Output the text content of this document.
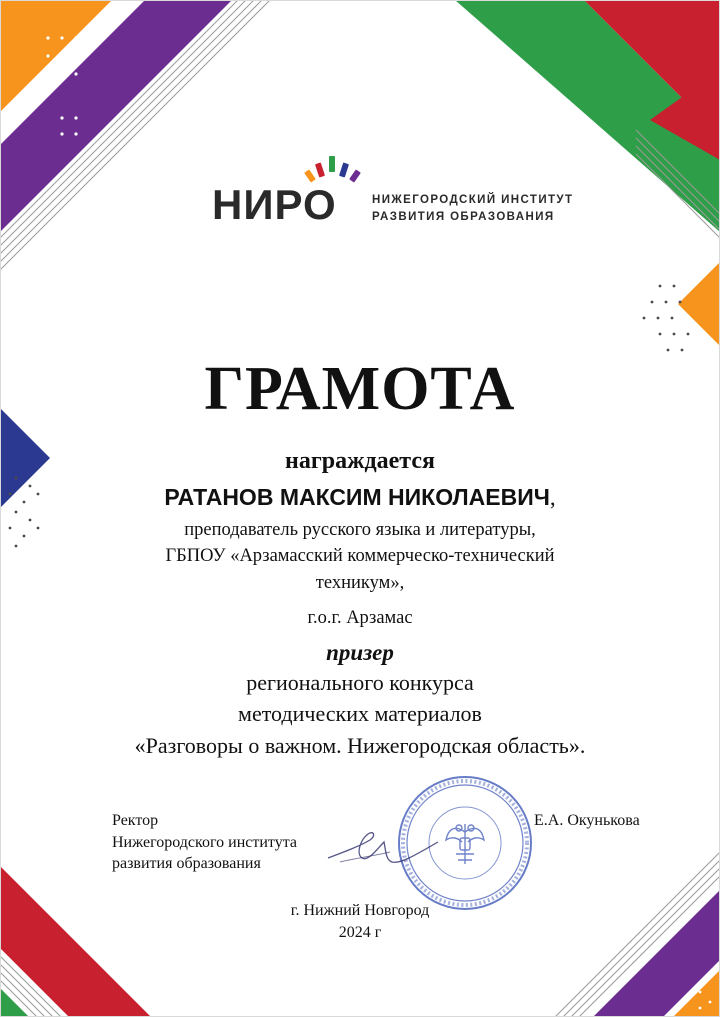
НИРО	НИЖЕГОРОДСКИЙ ИНСТИТУТ
РАЗВИТИЯ ОБРАЗОВАНИЯ
ГРАМОТА
награждается
РАТАНОВ МАКСИМ НИКОЛАЕВИЧ,
преподаватель русского языка и литературы,
ГБПОУ «Арзамасский коммерческо-технический
техникум»,
г.о.г. Арзамас
призер
регионального конкурса
методических материалов
«Разговоры о важном. Нижегородская область».
Ректор
Нижегородского института
развития образования
Е.А. Окунькова
г. Нижний Новгород
2024 г
